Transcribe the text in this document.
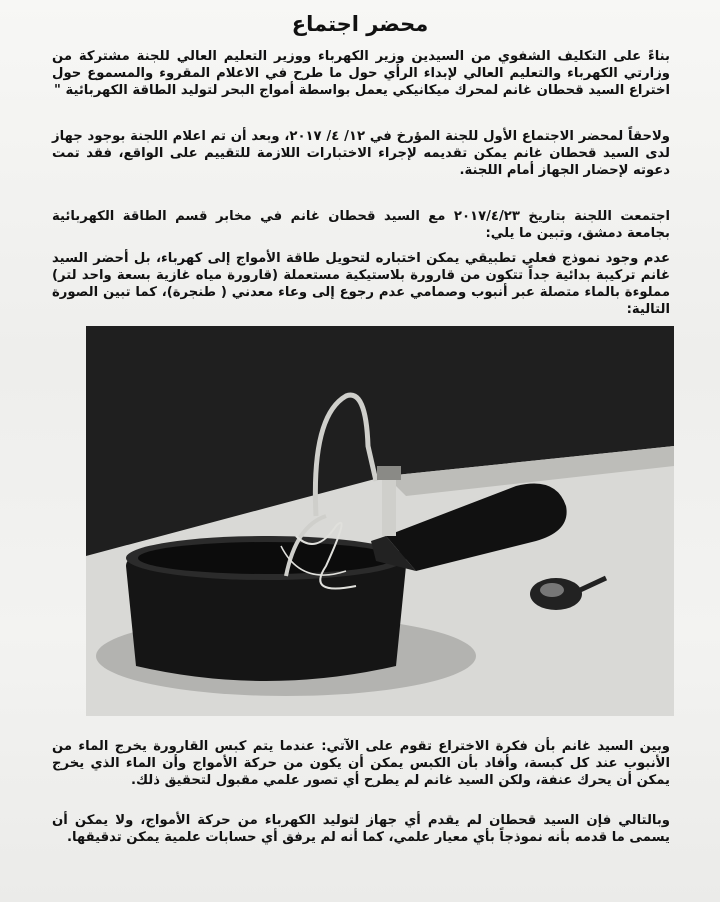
محضر اجتماع
بناءً على التكليف الشفوي من السيدين وزير الكهرباء ووزير التعليم العالي للجنة مشتركة من وزارتي الكهرباء والتعليم العالي لإبداء الرأي حول ما طرح في الاعلام المقروء والمسموع حول اختراع السيد قحطان غانم لمحرك ميكانيكي يعمل بواسطة أمواج البحر لتوليد الطاقة الكهربائية "
ولاحقاً لمحضر الاجتماع الأول للجنة المؤرخ في ١٢/ ٤/ ٢٠١٧، وبعد أن تم اعلام اللجنة بوجود جهاز لدى السيد قحطان غانم يمكن تقديمه لإجراء الاختبارات اللازمة للتقييم على الواقع، فقد تمت دعوته لإحضار الجهاز أمام اللجنة.
اجتمعت اللجنة بتاريخ ٢٠١٧/٤/٢٣ مع السيد قحطان غانم في مخابر قسم الطاقة الكهربائية بجامعة دمشق، وتبين ما يلي:
عدم وجود نموذج فعلي تطبيقي يمكن اختباره لتحويل طاقة الأمواج إلى كهرباء، بل أحضر السيد غانم تركيبة بدائية جداً تتكون من قارورة بلاستيكية مستعملة (قارورة مياه غازية بسعة واحد لتر) مملوءة بالماء متصلة عبر أنبوب وصمامي عدم رجوع إلى وعاء معدني ( طنجرة)، كما تبين الصورة التالية:
وبين السيد غانم بأن فكرة الاختراع تقوم على الآتي: عندما يتم كبس القارورة يخرج الماء من الأنبوب عند كل كبسة، وأفاد بأن الكبس يمكن أن يكون من حركة الأمواج وأن الماء الذي يخرج يمكن أن يحرك عنفة، ولكن السيد غانم لم يطرح أي تصور علمي مقبول لتحقيق ذلك.
وبالتالي فإن السيد قحطان لم يقدم أي جهاز لتوليد الكهرباء من حركة الأمواج، ولا يمكن أن يسمى ما قدمه بأنه نموذجاً بأي معيار علمي، كما أنه لم يرفق أي حسابات علمية يمكن تدقيقها.
